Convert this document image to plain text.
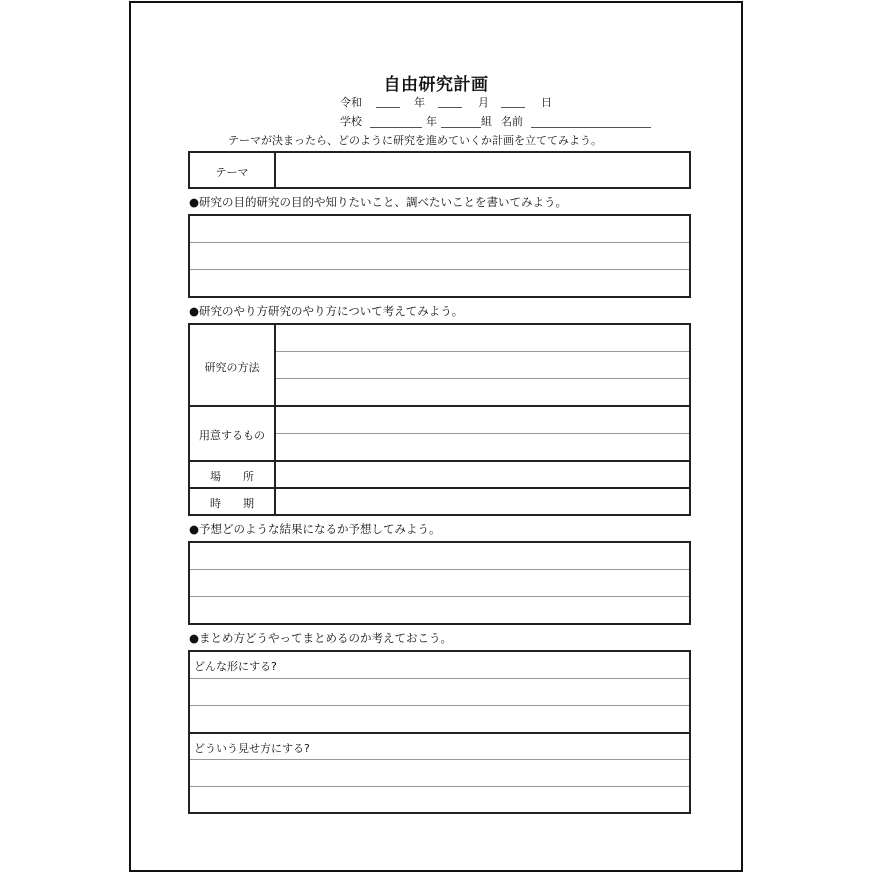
自由研究計画
令和	年	月	日
学校	年	組 名前
テーマが決まったら、どのように研究を進めていくか計画を立ててみよう。
テーマ
●研究の目的研究の目的や知りたいこと、調べたいことを書いてみよう。
●研究のやり方研究のやり方について考えてみよう。
研究の方法
用意するもの
場　　所
時　　期
●予想どのような結果になるか予想してみよう。
●まとめ方どうやってまとめるのか考えておこう。
どんな形にする?
どういう見せ方にする?
